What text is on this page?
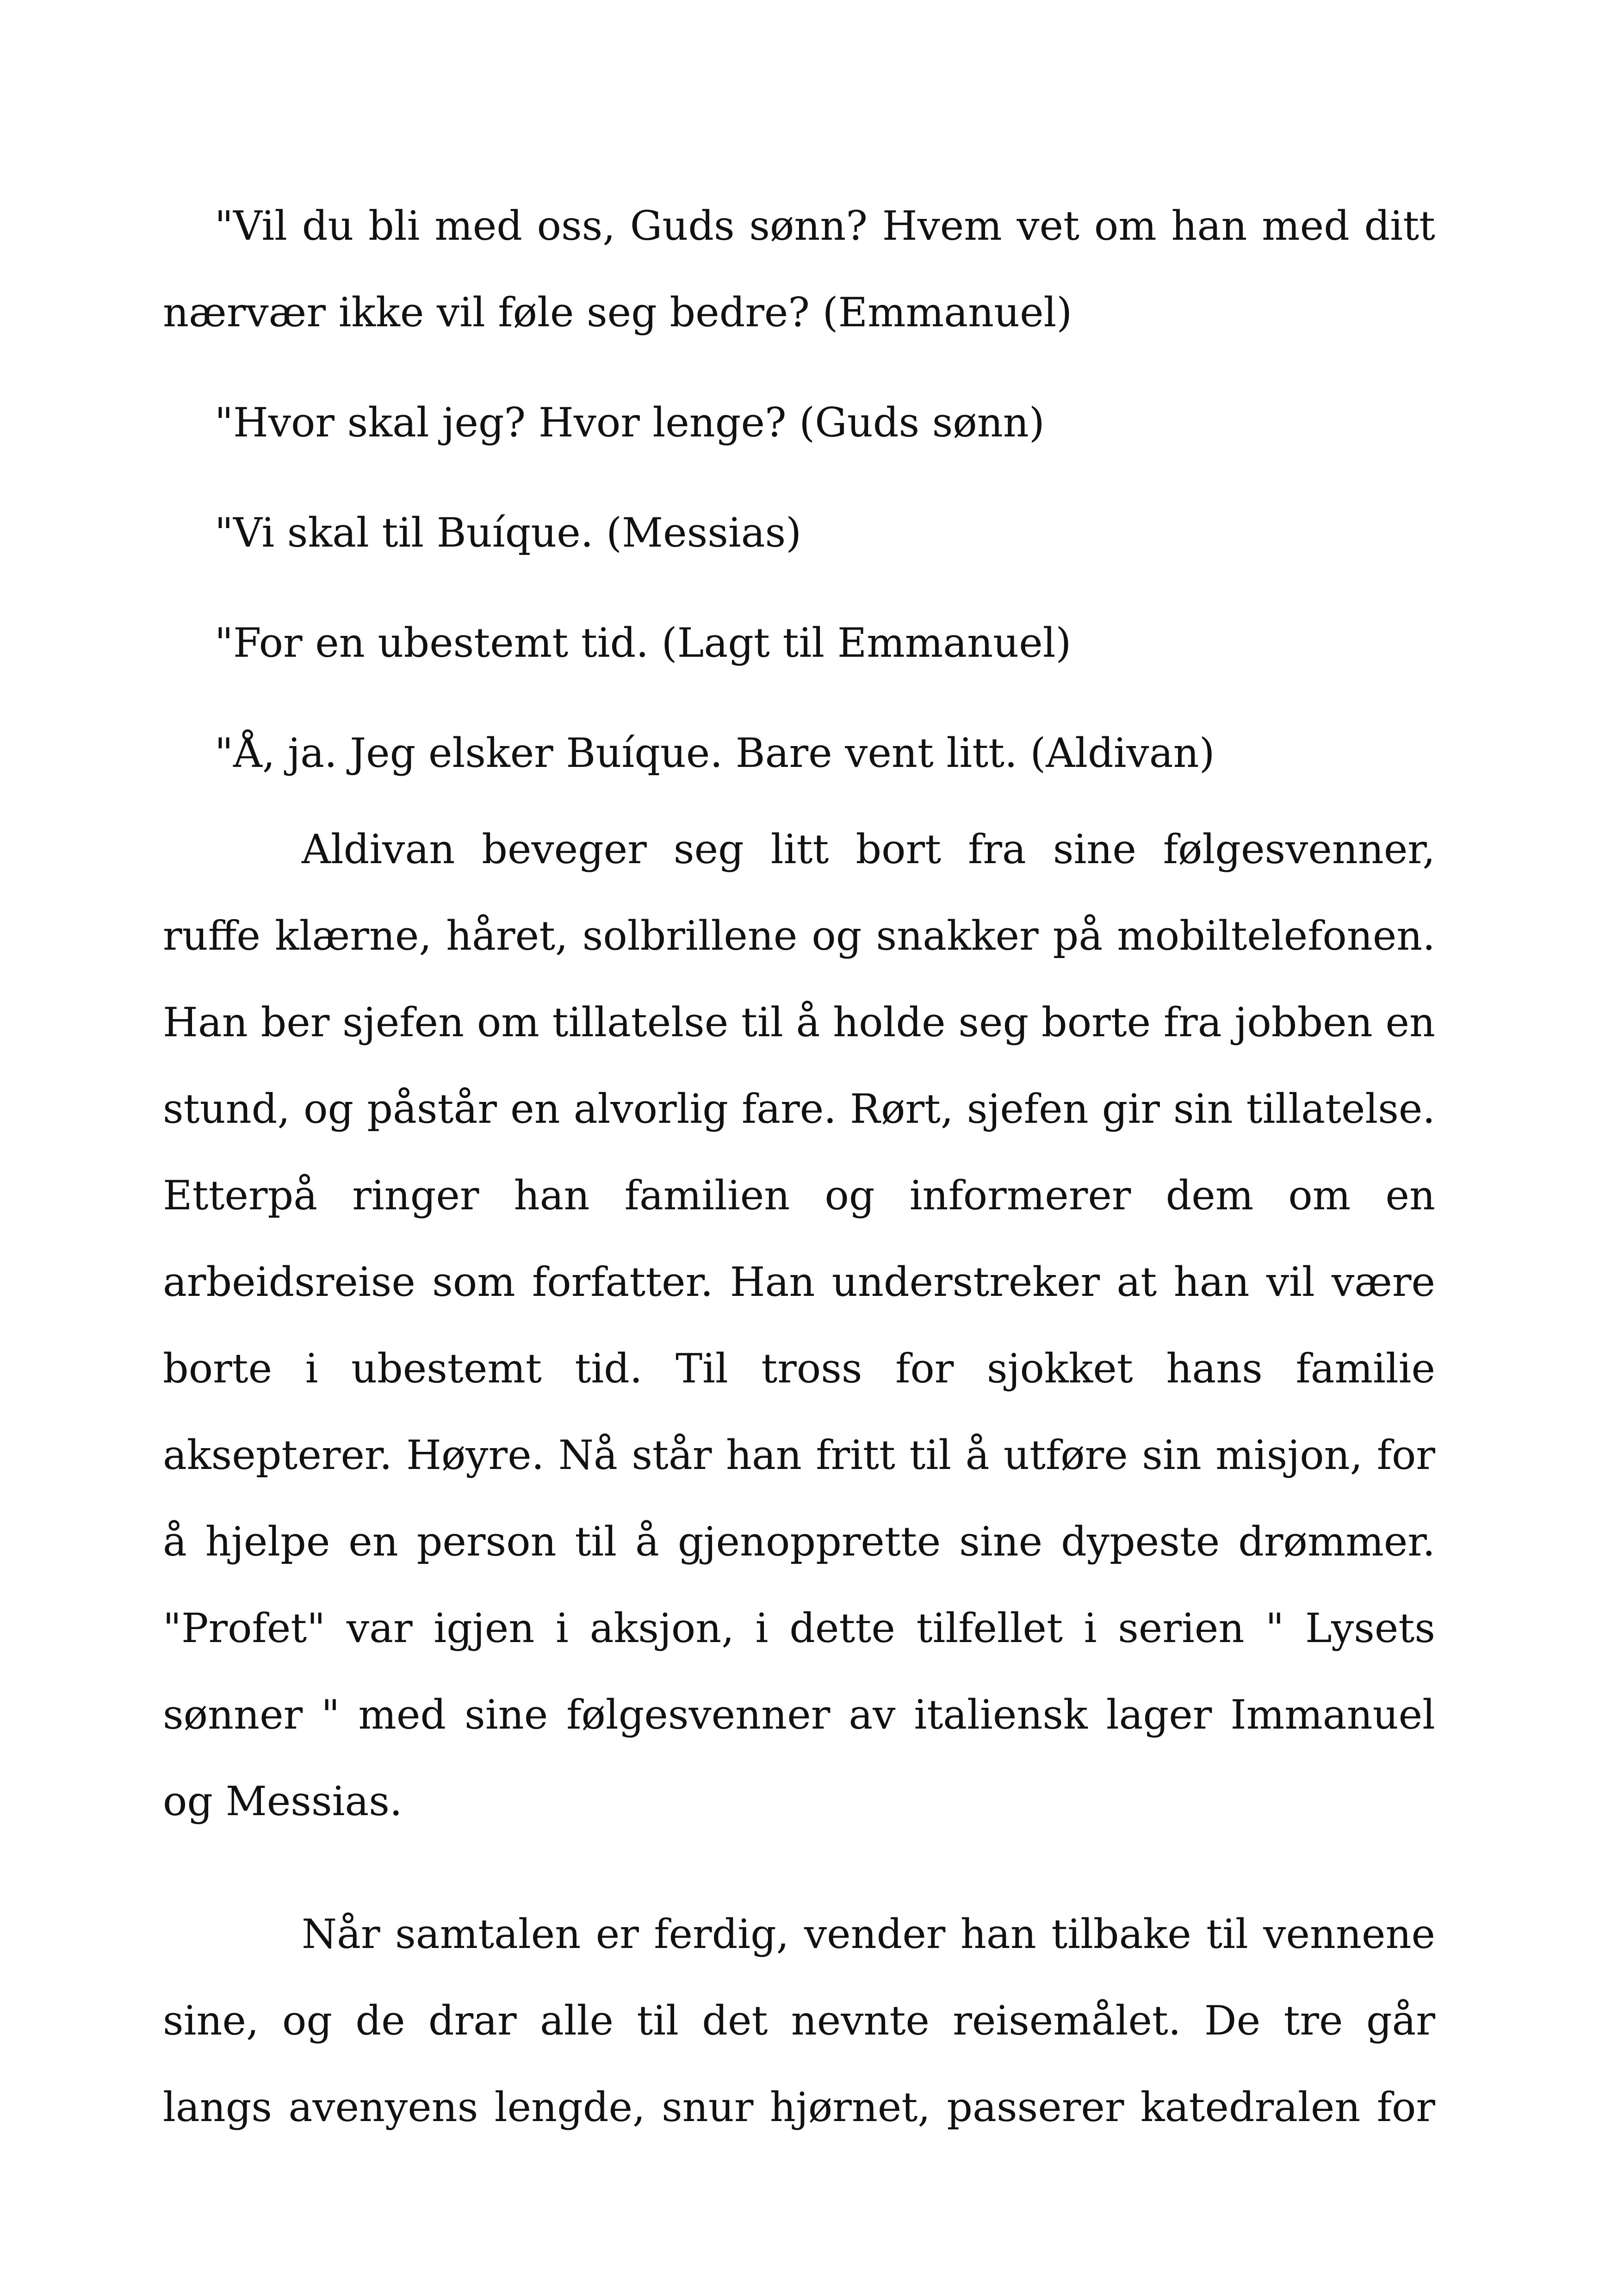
"Vil du bli med oss, Guds sønn? Hvem vet om han med ditt nærvær ikke vil føle seg bedre? (Emmanuel)

"Hvor skal jeg? Hvor lenge? (Guds sønn)

"Vi skal til Buíque. (Messias)

"For en ubestemt tid. (Lagt til Emmanuel)

"Å, ja. Jeg elsker Buíque. Bare vent litt. (Aldivan)

Aldivan beveger seg litt bort fra sine følgesvenner, ruffe klærne, håret, solbrillene og snakker på mobiltelefonen. Han ber sjefen om tillatelse til å holde seg borte fra jobben en stund, og påstår en alvorlig fare. Rørt, sjefen gir sin tillatelse. Etterpå ringer han familien og informerer dem om en arbeidsreise som forfatter. Han understreker at han vil være borte i ubestemt tid. Til tross for sjokket hans familie aksepterer. Høyre. Nå står han fritt til å utføre sin misjon, for å hjelpe en person til å gjenopprette sine dypeste drømmer. "Profet" var igjen i aksjon, i dette tilfellet i serien " Lysets sønner " med sine følgesvenner av italiensk lager Immanuel og Messias.

Når samtalen er ferdig, vender han tilbake til vennene sine, og de drar alle til det nevnte reisemålet. De tre går langs avenyens lengde, snur hjørnet, passerer katedralen for
